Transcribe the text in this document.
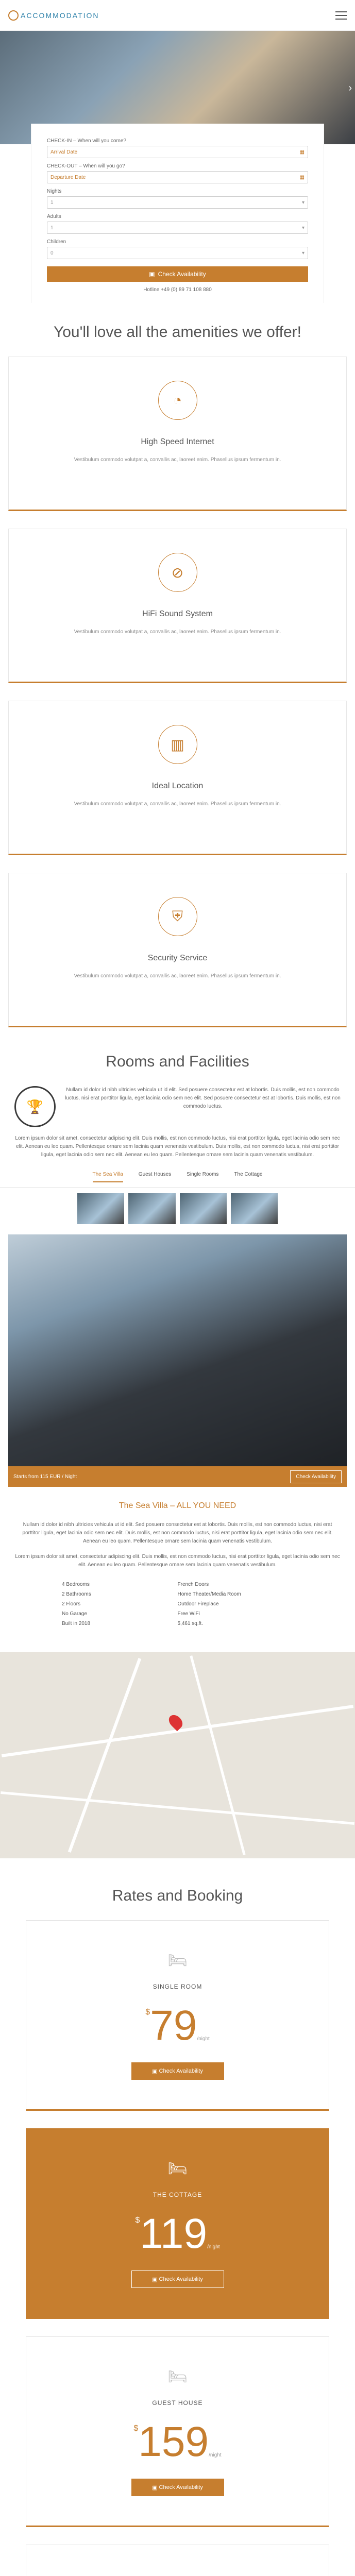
ACCOMMODATION
›
CHECK-IN – When will you come?
Arrival Date	▦
CHECK-OUT – When will you go?
Departure Date	▦
Nights
1	▾
Adults
1	▾
Children
0	▾
▣ Check Availability
Hotline +49 (0) 89 71 108 880
You'll love all the amenities we offer!
◔
High Speed Internet

Vestibulum commodo volutpat a, convallis ac, laoreet enim. Phasellus ipsum fermentum in.

⊘
HiFi Sound System

Vestibulum commodo volutpat a, convallis ac, laoreet enim. Phasellus ipsum fermentum in.

▥
Ideal Location

Vestibulum commodo volutpat a, convallis ac, laoreet enim. Phasellus ipsum fermentum in.

⛨
Security Service

Vestibulum commodo volutpat a, convallis ac, laoreet enim. Phasellus ipsum fermentum in.

Rooms and Facilities
🏆

Nullam id dolor id nibh ultricies vehicula ut id elit. Sed posuere consectetur est at lobortis. Duis mollis, est non commodo luctus, nisi erat porttitor ligula, eget lacinia odio sem nec elit. Sed posuere consectetur est at lobortis. Duis mollis, est non commodo luctus.

Lorem ipsum dolor sit amet, consectetur adipiscing elit. Duis mollis, est non commodo luctus, nisi erat porttitor ligula, eget lacinia odio sem nec elit. Aenean eu leo quam. Pellentesque ornare sem lacinia quam venenatis vestibulum. Duis mollis, est non commodo luctus, nisi erat porttitor ligula, eget lacinia odio sem nec elit. Aenean eu leo quam. Pellentesque ornare sem lacinia quam venenatis vestibulum.

The Sea Villa	Guest Houses	Single Rooms	The Cottage
Starts from 115 EUR / Night	Check Availability
The Sea Villa – ALL YOU NEED

Nullam id dolor id nibh ultricies vehicula ut id elit. Sed posuere consectetur est at lobortis. Duis mollis, est non commodo luctus, nisi erat porttitor ligula, eget lacinia odio sem nec elit. Duis mollis, est non commodo luctus, nisi erat porttitor ligula, eget lacinia odio sem nec elit. Aenean eu leo quam. Pellentesque ornare sem lacinia quam venenatis vestibulum.

Lorem ipsum dolor sit amet, consectetur adipiscing elit. Duis mollis, est non commodo luctus, nisi erat porttitor ligula, eget lacinia odio sem nec elit. Aenean eu leo quam. Pellentesque ornare sem lacinia quam venenatis vestibulum.

4 Bedrooms	French Doors
2 Bathrooms	Home Theater/Media Room
2 Floors	Outdoor Fireplace
No Garage	Free WiFi
Built in 2018	5,461 sq.ft.
Rates and Booking
🛏
SINGLE ROOM
$ 79 /night
▣ Check Availability
🛏
THE COTTAGE
$ 119 /night
▣ Check Availability
🛏
GUEST HOUSE
$ 159 /night
▣ Check Availability
